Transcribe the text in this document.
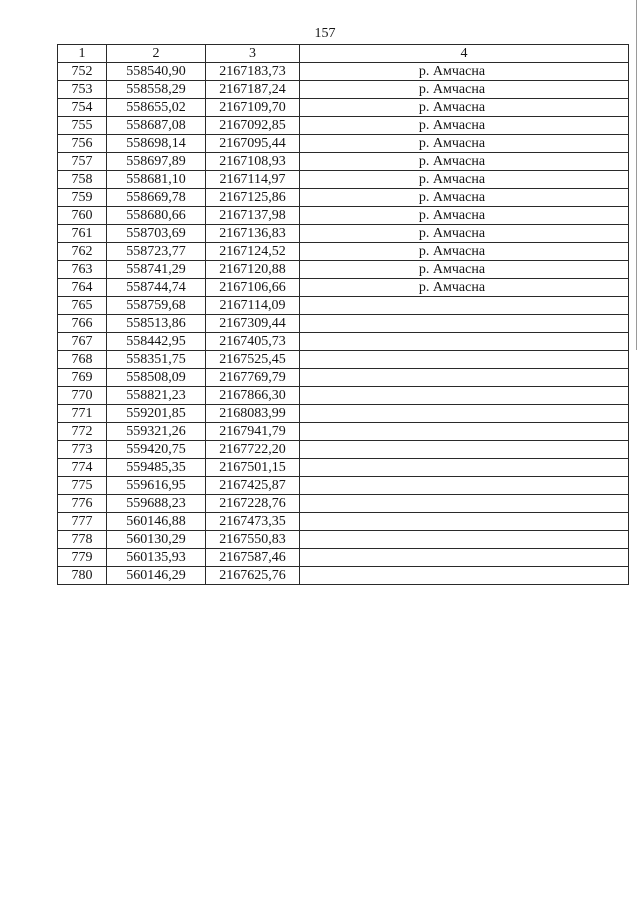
157
1	2	3	4
752	558540,90	2167183,73	р. Амчасна
753	558558,29	2167187,24	р. Амчасна
754	558655,02	2167109,70	р. Амчасна
755	558687,08	2167092,85	р. Амчасна
756	558698,14	2167095,44	р. Амчасна
757	558697,89	2167108,93	р. Амчасна
758	558681,10	2167114,97	р. Амчасна
759	558669,78	2167125,86	р. Амчасна
760	558680,66	2167137,98	р. Амчасна
761	558703,69	2167136,83	р. Амчасна
762	558723,77	2167124,52	р. Амчасна
763	558741,29	2167120,88	р. Амчасна
764	558744,74	2167106,66	р. Амчасна
765	558759,68	2167114,09	
766	558513,86	2167309,44	
767	558442,95	2167405,73	
768	558351,75	2167525,45	
769	558508,09	2167769,79	
770	558821,23	2167866,30	
771	559201,85	2168083,99	
772	559321,26	2167941,79	
773	559420,75	2167722,20	
774	559485,35	2167501,15	
775	559616,95	2167425,87	
776	559688,23	2167228,76	
777	560146,88	2167473,35	
778	560130,29	2167550,83	
779	560135,93	2167587,46	
780	560146,29	2167625,76	
